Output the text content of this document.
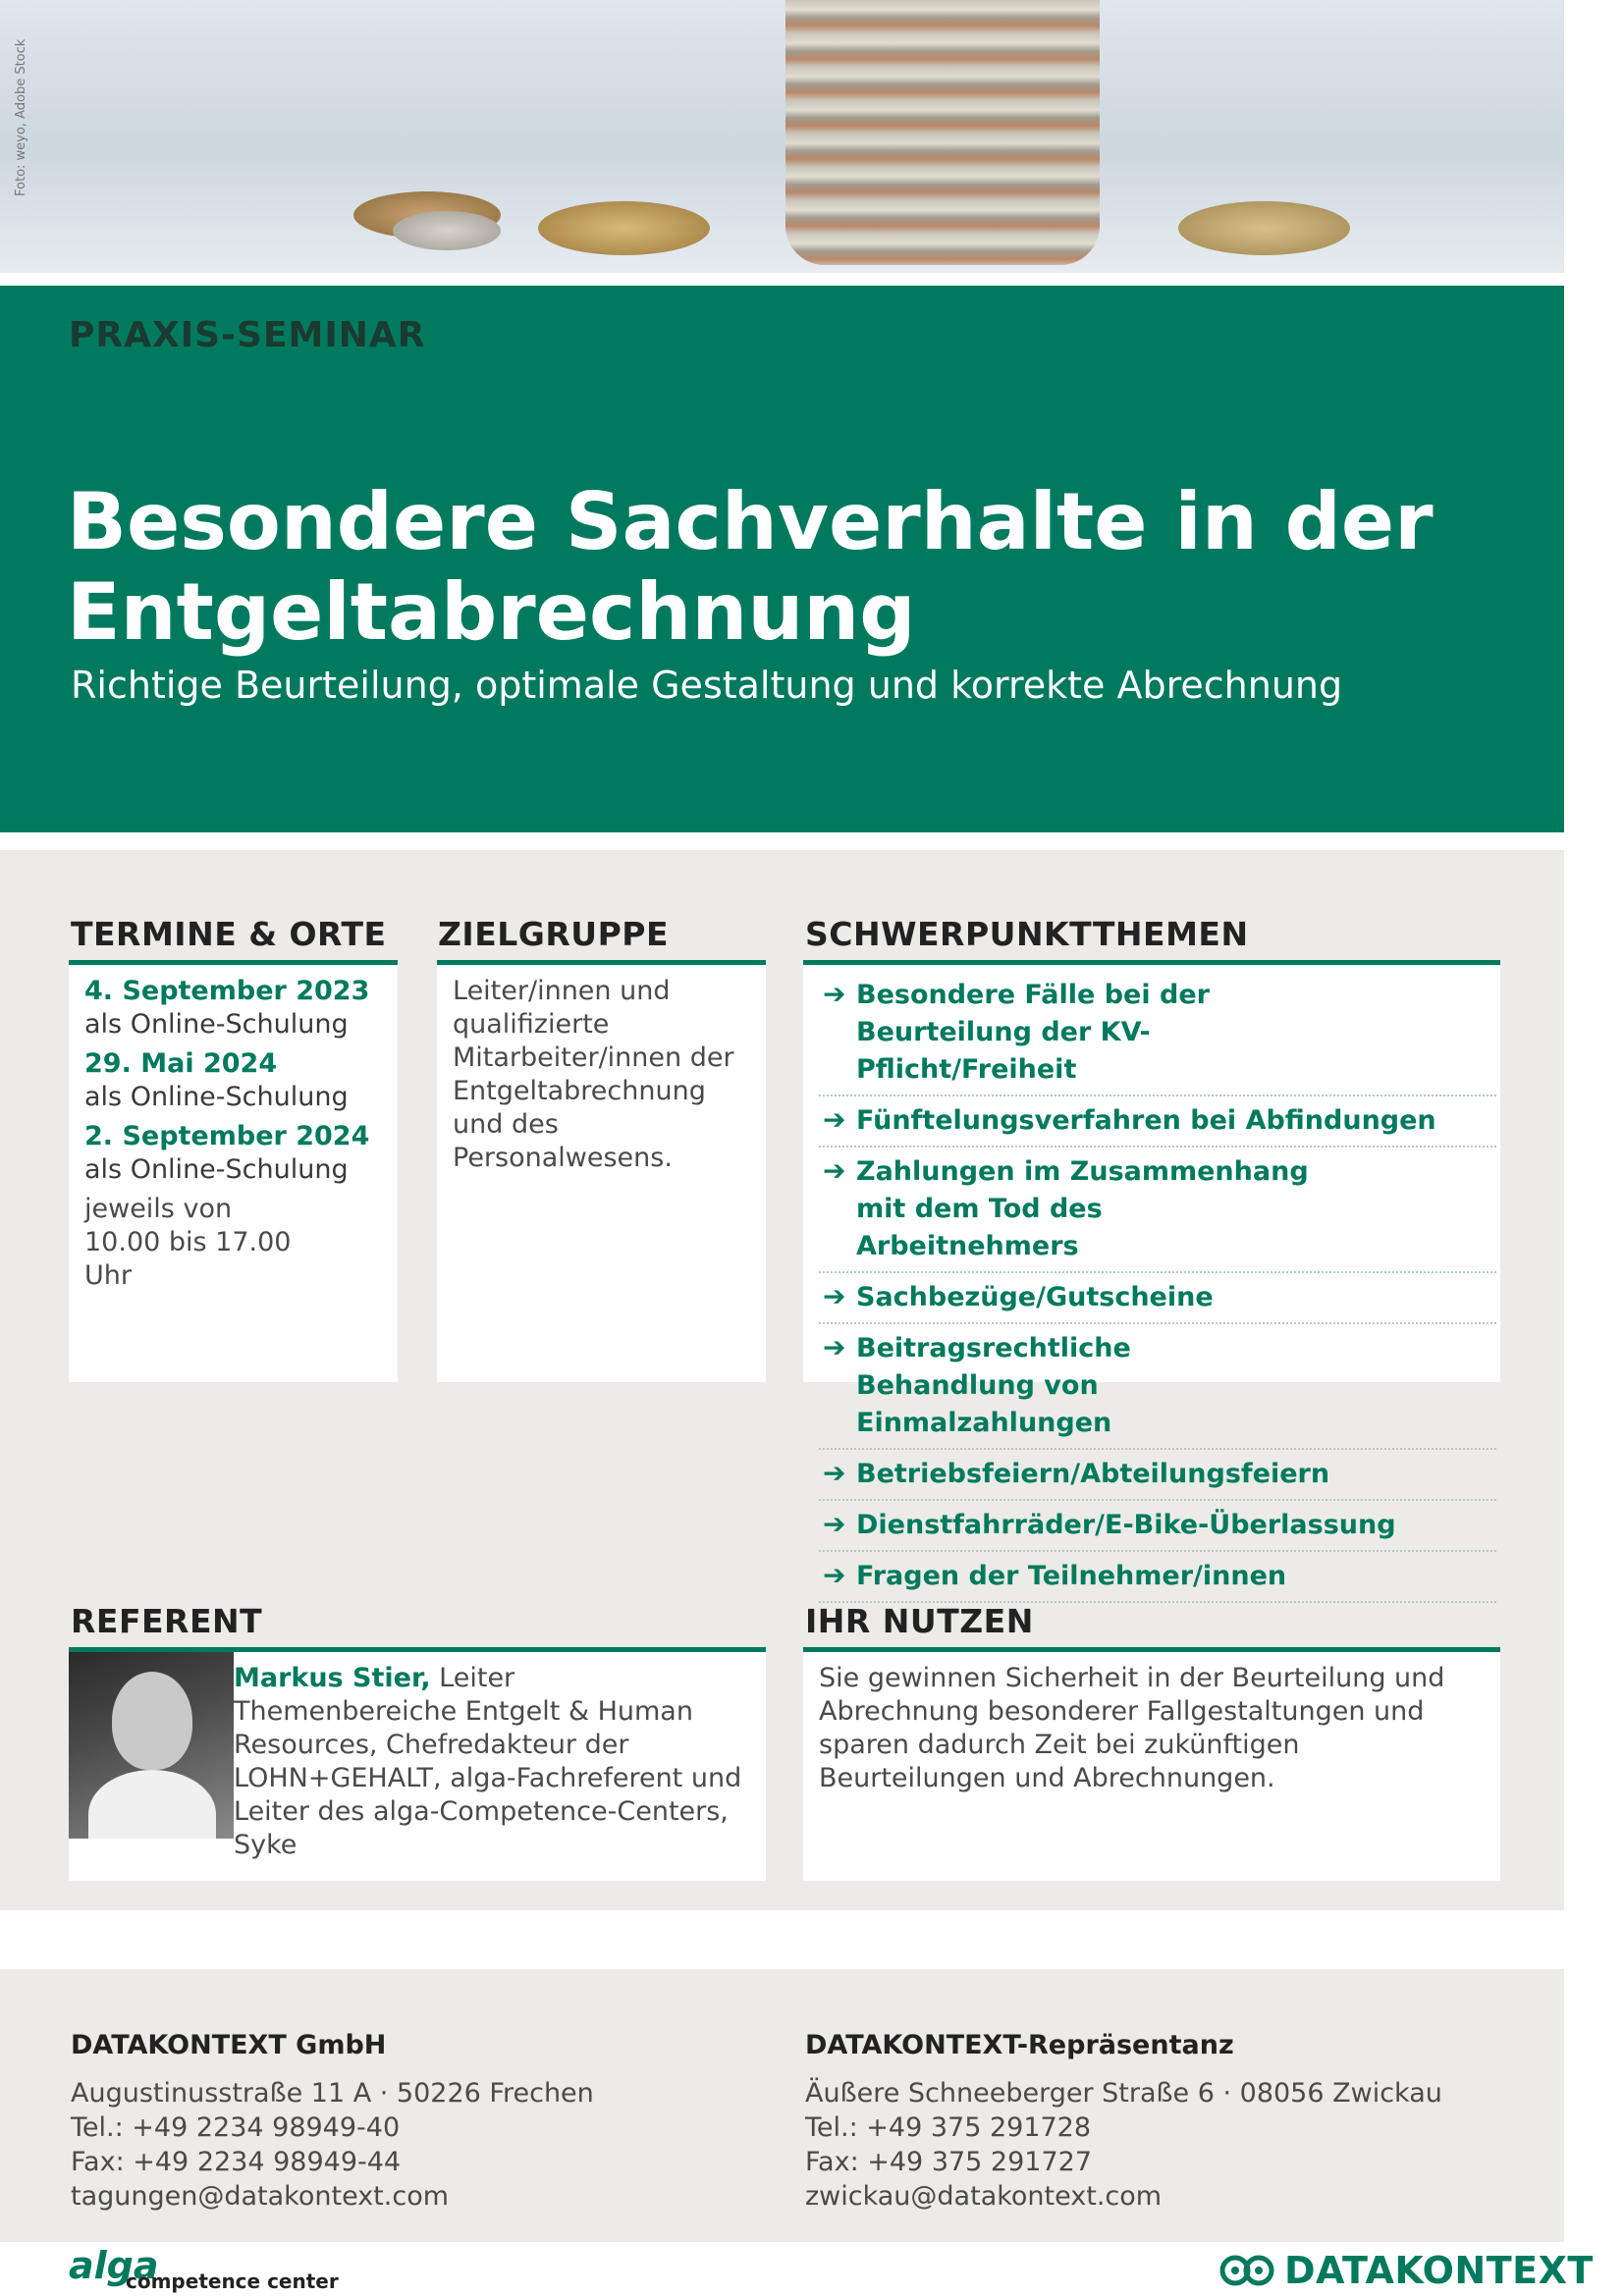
Foto: weyo, Adobe Stock
PRAXIS-SEMINAR
Besondere Sachverhalte in der
Entgeltabrechnung
Richtige Beurteilung, optimale Gestaltung und korrekte Abrechnung
TERMINE & ORTE
4. September 2023
als Online-Schulung
29. Mai 2024
als Online-Schulung
2. September 2024
als Online-Schulung
jeweils von 10.00 bis 17.00 Uhr
ZIELGRUPPE
Leiter/innen und qualifizierte Mitarbeiter/innen der Entgeltabrechnung und des Personalwesens.
SCHWERPUNKTTHEMEN
➔ Besondere Fälle bei der Beurteilung der KV-Pflicht/Freiheit
➔ Fünftelungsverfahren bei Abfindungen
➔ Zahlungen im Zusammenhang mit dem Tod des Arbeitnehmers
➔ Sachbezüge/Gutscheine
➔ Beitragsrechtliche Behandlung von Einmalzahlungen
➔ Betriebsfeiern/Abteilungsfeiern
➔ Dienstfahrräder/E-Bike-Überlassung
➔ Fragen der Teilnehmer/innen
REFERENT
Markus Stier, Leiter Themenbereiche Entgelt & Human Resources, Chefredakteur der LOHN+GEHALT, alga-Fachreferent und Leiter des alga-Competence-Centers, Syke
IHR NUTZEN
Sie gewinnen Sicherheit in der Beurteilung und Abrechnung besonderer Fallgestaltungen und sparen dadurch Zeit bei zukünftigen Beurteilungen und Abrechnungen.
DATAKONTEXT GmbH
Augustinusstraße 11 A · 50226 Frechen
Tel.: +49 2234 98949-40
Fax: +49 2234 98949-44
tagungen@datakontext.com
DATAKONTEXT-Repräsentanz
Äußere Schneeberger Straße 6 · 08056 Zwickau
Tel.: +49 375 291728
Fax: +49 375 291727
zwickau@datakontext.com
alga
competence center	DATAKONTEXT
